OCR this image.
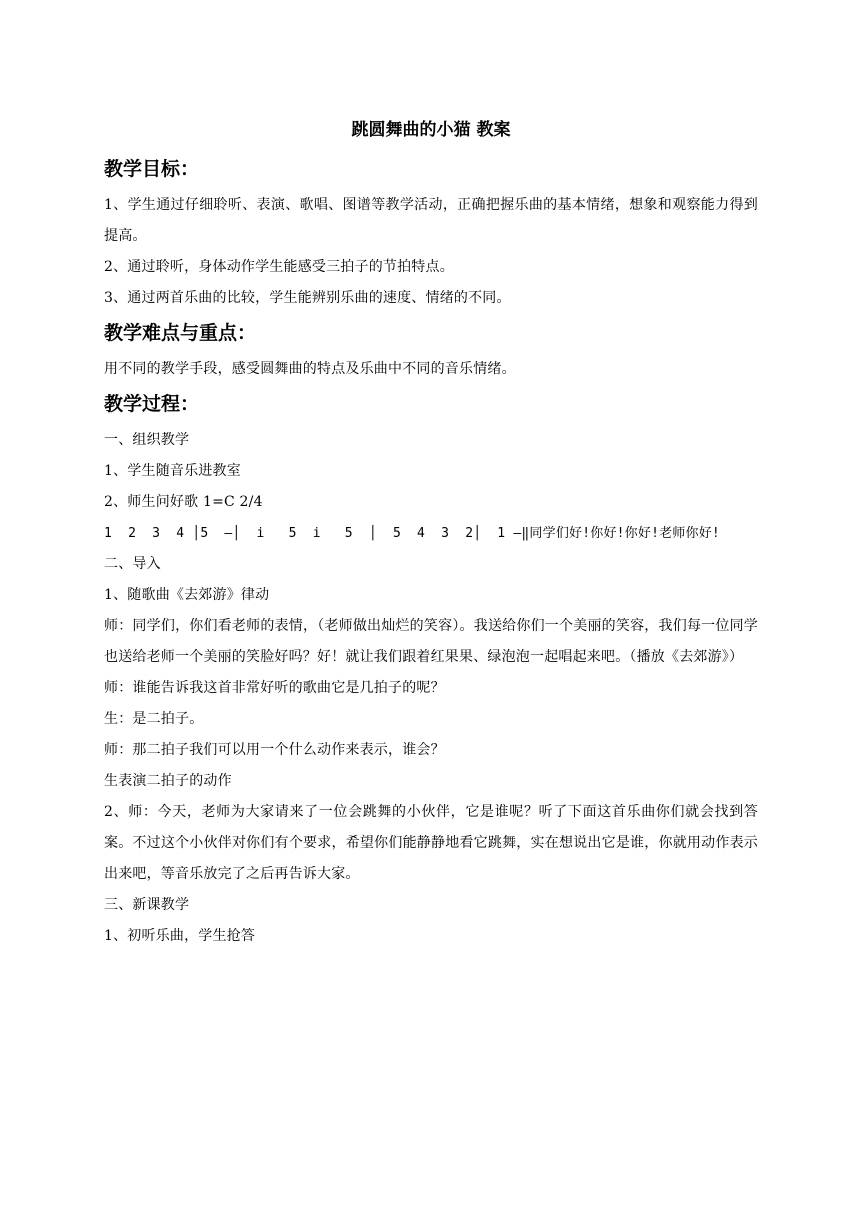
跳圆舞曲的小猫 教案
教学目标：

1、学生通过仔细聆听、表演、歌唱、图谱等教学活动，正确把握乐曲的基本情绪，想象和观察能力得到提高。

2、通过聆听，身体动作学生能感受三拍子的节拍特点。

3、通过两首乐曲的比较，学生能辨别乐曲的速度、情绪的不同。

教学难点与重点：

用不同的教学手段，感受圆舞曲的特点及乐曲中不同的音乐情绪。

教学过程：

一、组织教学

1、学生随音乐进教室

2、师生问好歌 1=C 2/4

1  2  3  4 │5  —│  i   5  i   5  │  5  4  3  2│  1 —‖同学们好!你好!你好!老师你好!

二、导入

1、随歌曲《去郊游》律动

师：同学们，你们看老师的表情，（老师做出灿烂的笑容）。我送给你们一个美丽的笑容，我们每一位同学也送给老师一个美丽的笑脸好吗？好！就让我们跟着红果果、绿泡泡一起唱起来吧。（播放《去郊游》）

师：谁能告诉我这首非常好听的歌曲它是几拍子的呢？

生：是二拍子。

师：那二拍子我们可以用一个什么动作来表示，谁会？

生表演二拍子的动作

2、师：今天，老师为大家请来了一位会跳舞的小伙伴，它是谁呢？听了下面这首乐曲你们就会找到答案。不过这个小伙伴对你们有个要求，希望你们能静静地看它跳舞，实在想说出它是谁，你就用动作表示出来吧，等音乐放完了之后再告诉大家。

三、新课教学

1、初听乐曲，学生抢答
